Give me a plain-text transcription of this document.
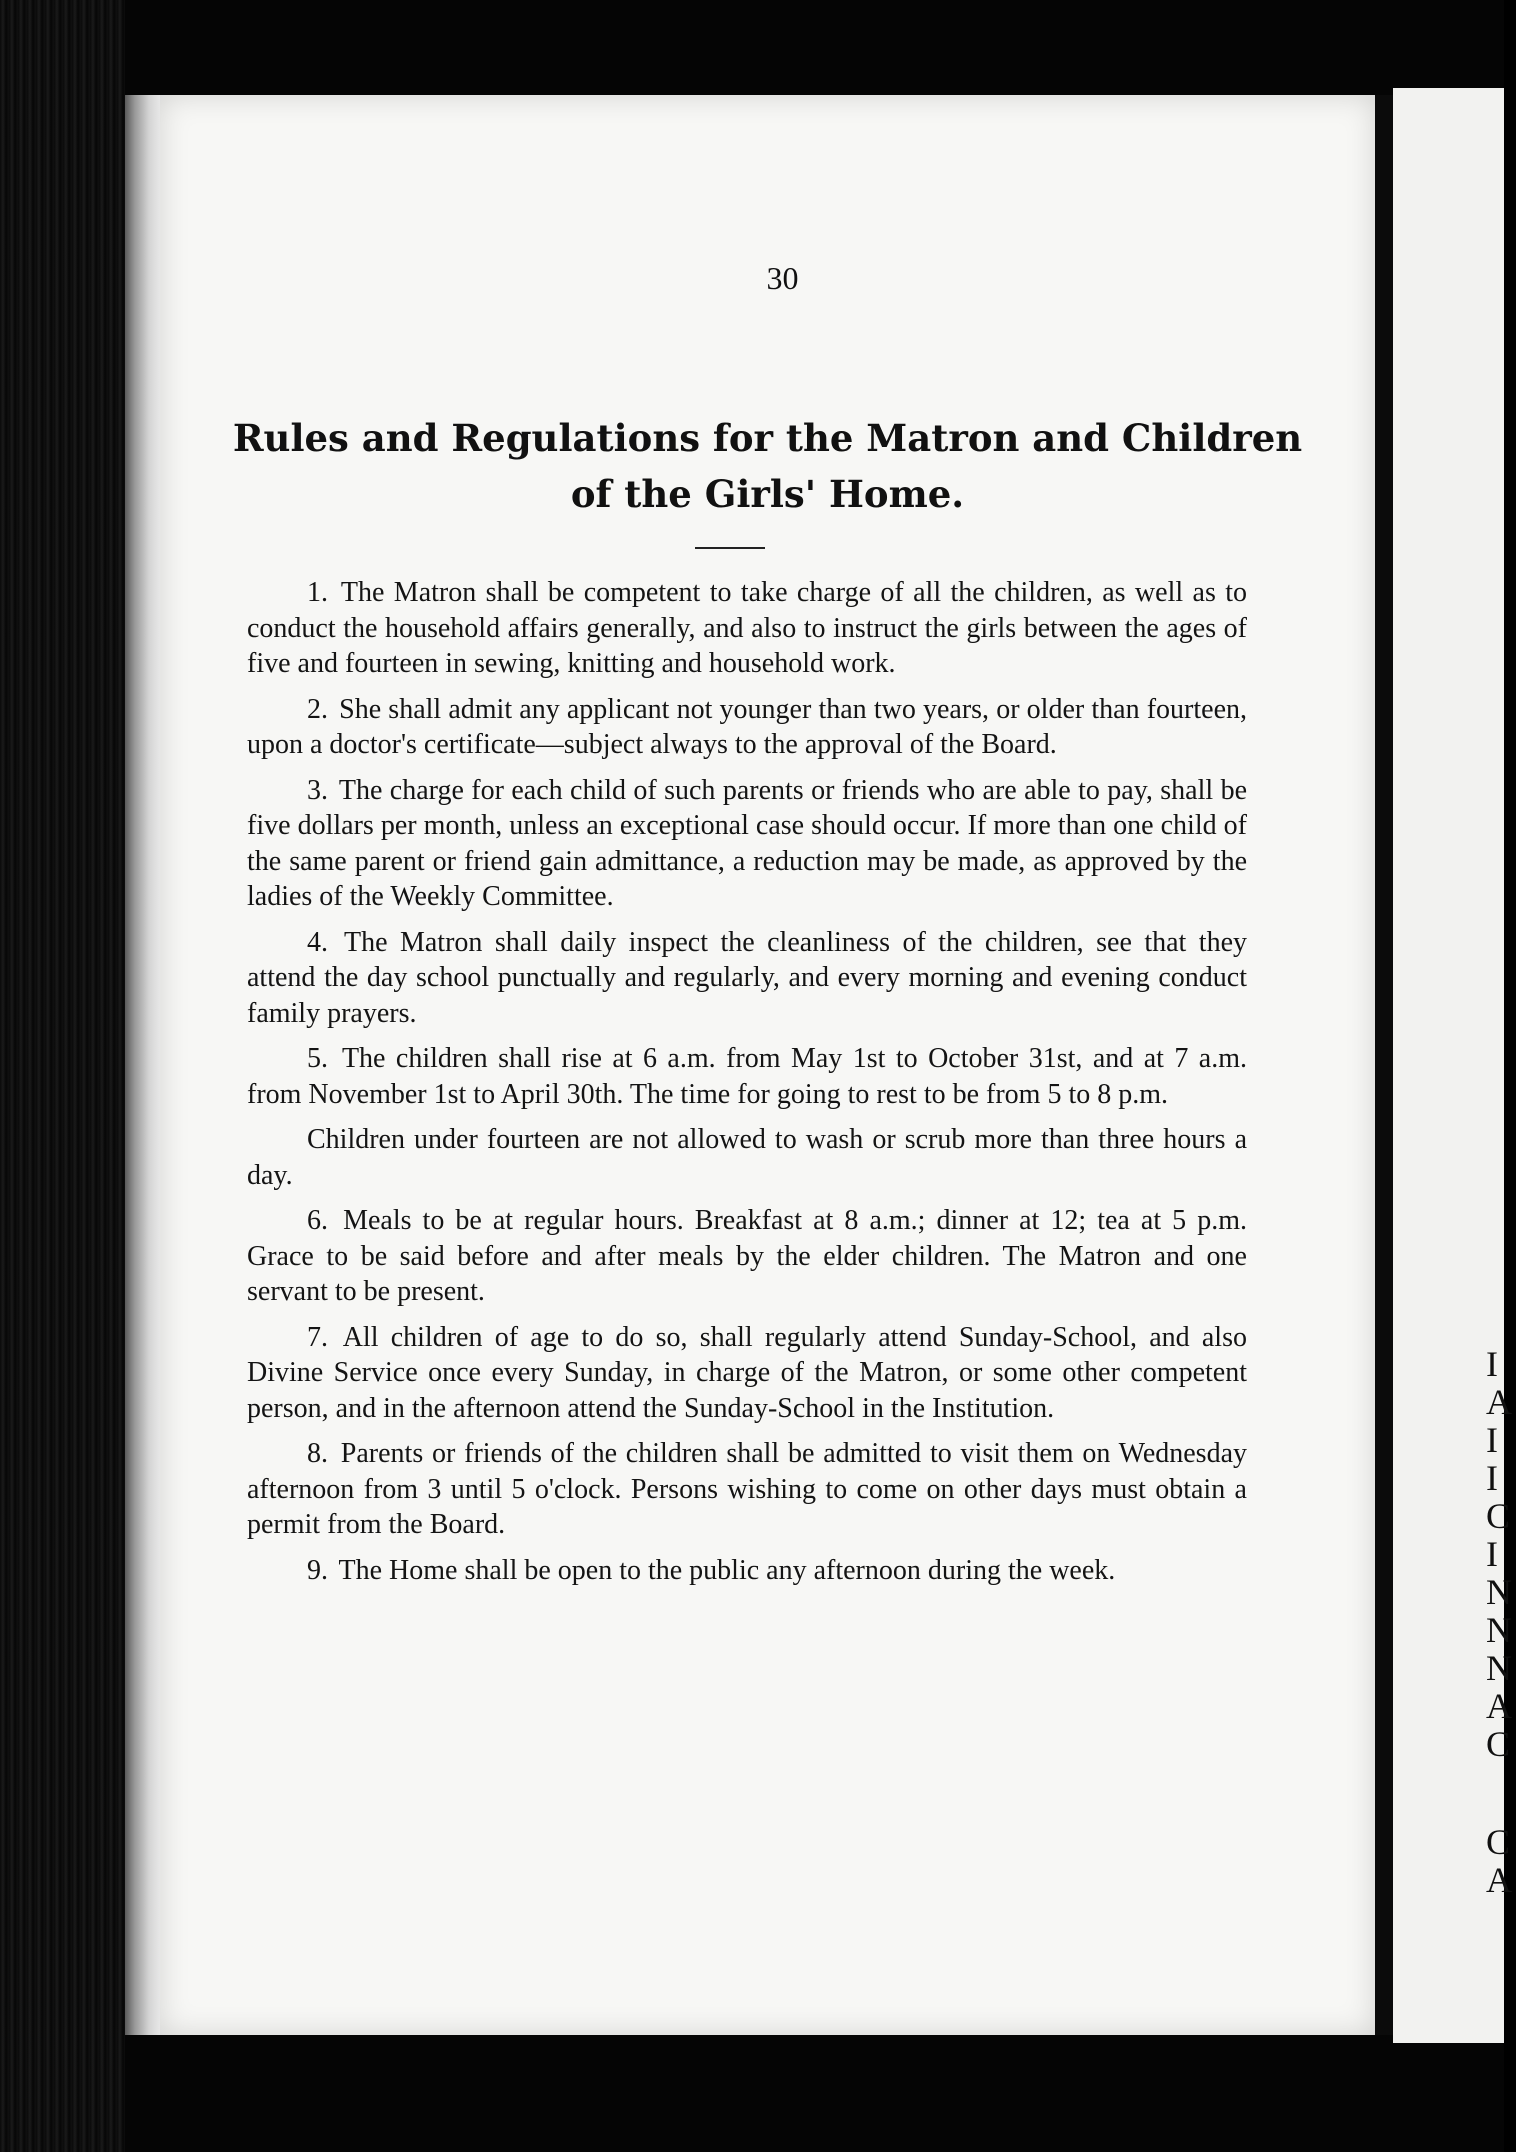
30
Rules and Regulations for the Matron and Children
of the Girls' Home.

1. The Matron shall be competent to take charge of all the children, as well as to conduct the household affairs generally, and also to instruct the girls between the ages of five and fourteen in sewing, knitting and household work.

2. She shall admit any applicant not younger than two years, or older than fourteen, upon a doctor's certificate—subject always to the approval of the Board.

3. The charge for each child of such parents or friends who are able to pay, shall be five dollars per month, unless an exceptional case should occur. If more than one child of the same parent or friend gain admittance, a reduction may be made, as approved by the ladies of the Weekly Committee.

4. The Matron shall daily inspect the cleanliness of the children, see that they attend the day school punctually and regularly, and every morning and evening conduct family prayers.

5. The children shall rise at 6 a.m. from May 1st to October 31st, and at 7 a.m. from November 1st to April 30th. The time for going to rest to be from 5 to 8 p.m.

Children under fourteen are not allowed to wash or scrub more than three hours a day.

6. Meals to be at regular hours. Breakfast at 8 a.m.; dinner at 12; tea at 5 p.m. Grace to be said before and after meals by the elder children. The Matron and one servant to be present.

7. All children of age to do so, shall regularly attend Sunday-School, and also Divine Service once every Sunday, in charge of the Matron, or some other competent person, and in the afternoon attend the Sunday-School in the Institution.

8. Parents or friends of the children shall be admitted to visit them on Wednesday afternoon from 3 until 5 o'clock. Persons wishing to come on other days must obtain a permit from the Board.

9. The Home shall be open to the public any afternoon during the week.

I
A
I
I
C
I
N
N
N
A
C
C
A
